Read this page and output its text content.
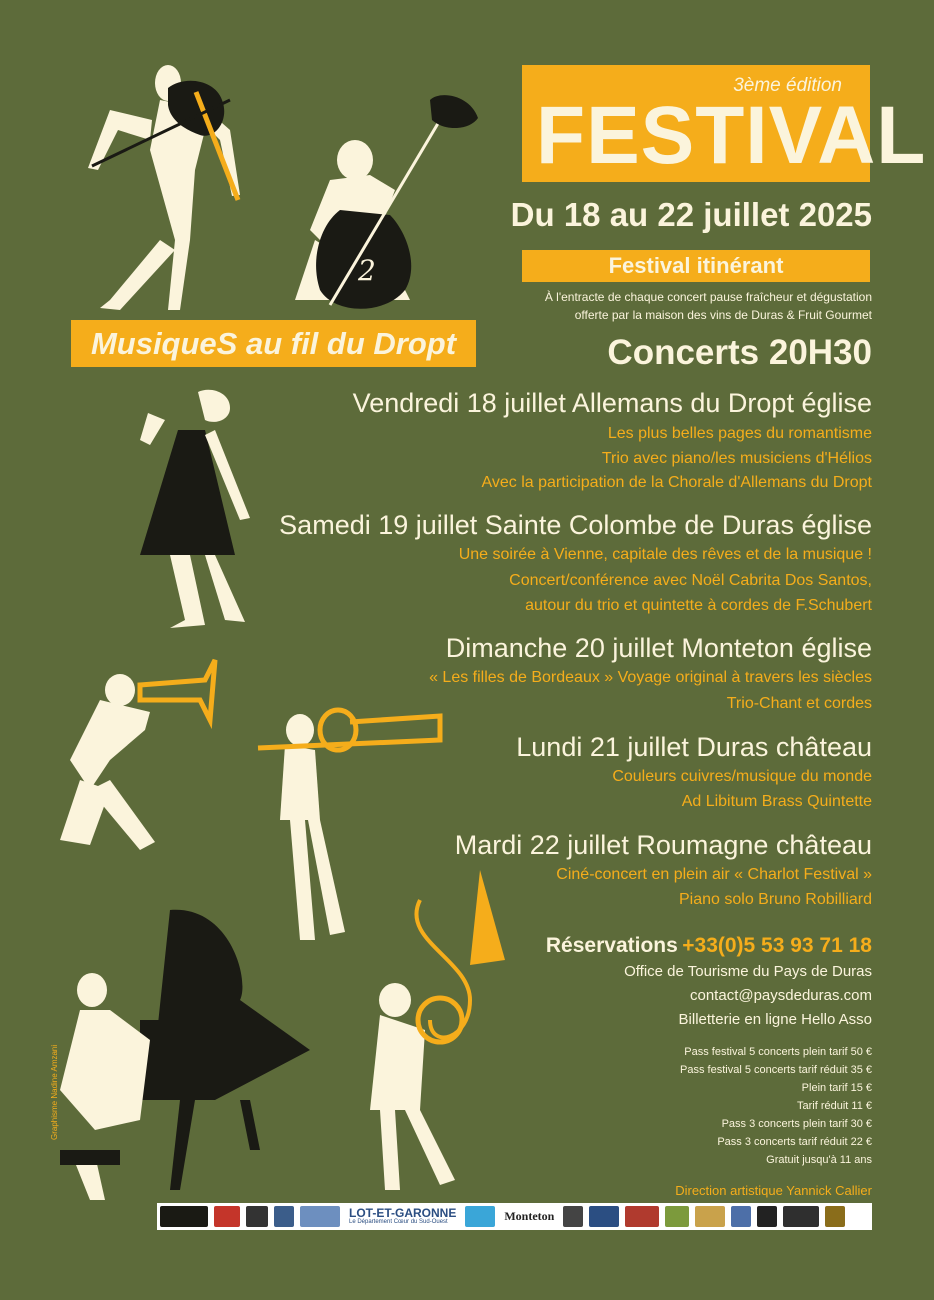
2
3ème édition
FESTIVAL
Du 18 au 22 juillet 2025
Festival itinérant
À l'entracte de chaque concert pause fraîcheur et dégustation
offerte par la maison des vins de Duras & Fruit Gourmet
Concerts 20H30
MusiqueS au fil du Dropt
Vendredi 18 juillet Allemans du Dropt église
Les plus belles pages du romantisme
Trio avec piano/les musiciens d'Hélios
Avec la participation de la Chorale d'Allemans du Dropt
Samedi 19 juillet Sainte Colombe de Duras église
Une soirée à Vienne, capitale des rêves et de la musique !
Concert/conférence avec Noël Cabrita Dos Santos,
autour du trio et quintette à cordes de F.Schubert
Dimanche 20 juillet Monteton église
« Les filles de Bordeaux » Voyage original à travers les siècles
Trio-Chant et cordes
Lundi 21 juillet Duras château
Couleurs cuivres/musique du monde
Ad Libitum Brass Quintette
Mardi 22 juillet Roumagne château
Ciné-concert en plein air « Charlot Festival »
Piano solo Bruno Robilliard
Réservations +33(0)5 53 93 71 18
Office de Tourisme du Pays de Duras
contact@paysdeduras.com
Billetterie en ligne Hello Asso
Pass festival 5 concerts plein tarif 50 €
Pass festival 5 concerts tarif réduit 35 €
Plein tarif 15 €
Tarif réduit 11 €
Pass 3 concerts plein tarif 30 €
Pass 3 concerts tarif réduit 22 €
Gratuit jusqu'à 11 ans
Direction artistique Yannick Callier
Graphisme Nadine Amzani
LOT-ET-GARONNE
Le Département Cœur du Sud-Ouest	Monteton
